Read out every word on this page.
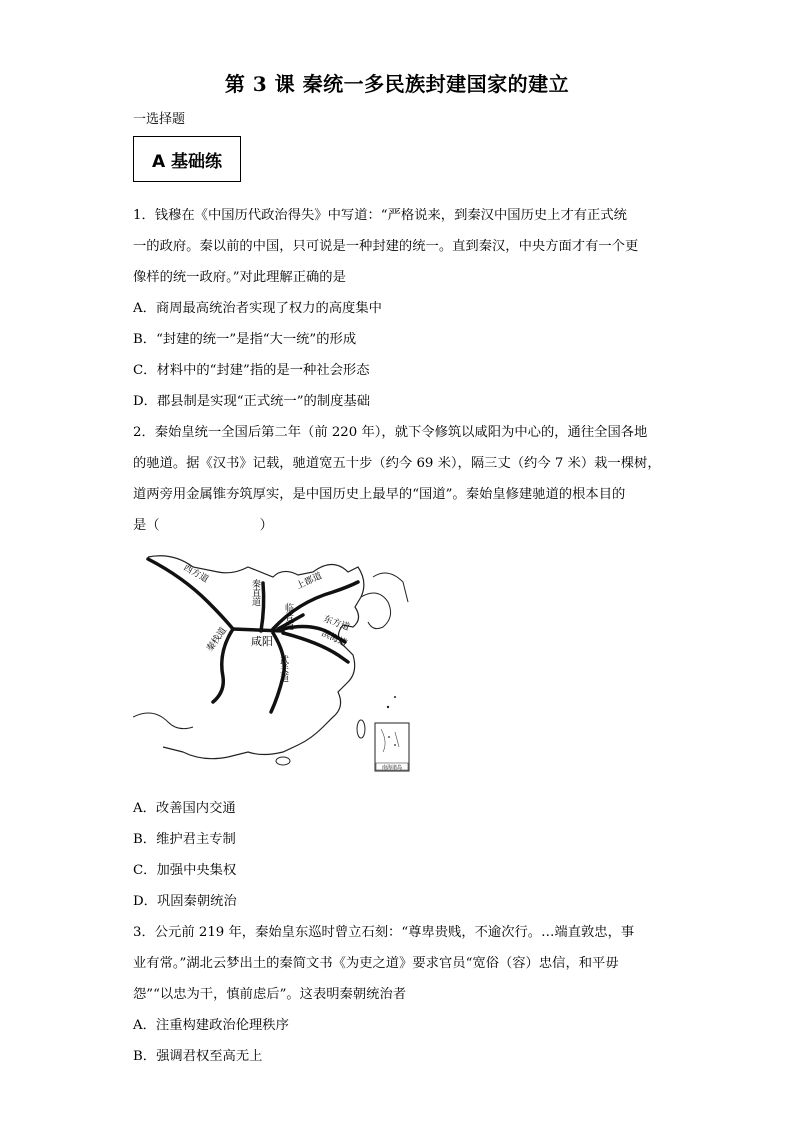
第 3 课 秦统一多民族封建国家的建立
一选择题
A 基础练
1．钱穆在《中国历代政治得失》中写道：“严格说来，到秦汉中国历史上才有正式统
一的政府。秦以前的中国，只可说是一种封建的统一。直到秦汉，中央方面才有一个更
像样的统一政府。”对此理解正确的是
A．商周最高统治者实现了权力的高度集中
B．“封建的统一”是指“大一统”的形成
C．材料中的“封建”指的是一种社会形态
D．郡县制是实现“正式统一”的制度基础
2．秦始皇统一全国后第二年（前 220 年），就下令修筑以咸阳为中心的，通往全国各地
的驰道。据《汉书》记载，驰道宽五十步（约今 69 米），隔三丈（约今 7 米）栽一棵树，
道两旁用金属锥夯筑厚实，是中国历史上最早的“国道”。秦始皇修建驰道的根本目的
是（	）
西方道
秦直道	上郡道
临晋道	东方道
滨海道
秦栈道 咸阳
武关道
南海诸岛
A．改善国内交通
B．维护君主专制
C．加强中央集权
D．巩固秦朝统治
3．公元前 219 年，秦始皇东巡时曾立石刻：“尊卑贵贱，不逾次行。…端直敦忠，事
业有常。”湖北云梦出土的秦简文书《为吏之道》要求官员“宽俗（容）忠信，和平毋
怨”“以忠为干，慎前虑后”。这表明秦朝统治者
A．注重构建政治伦理秩序
B．强调君权至高无上
